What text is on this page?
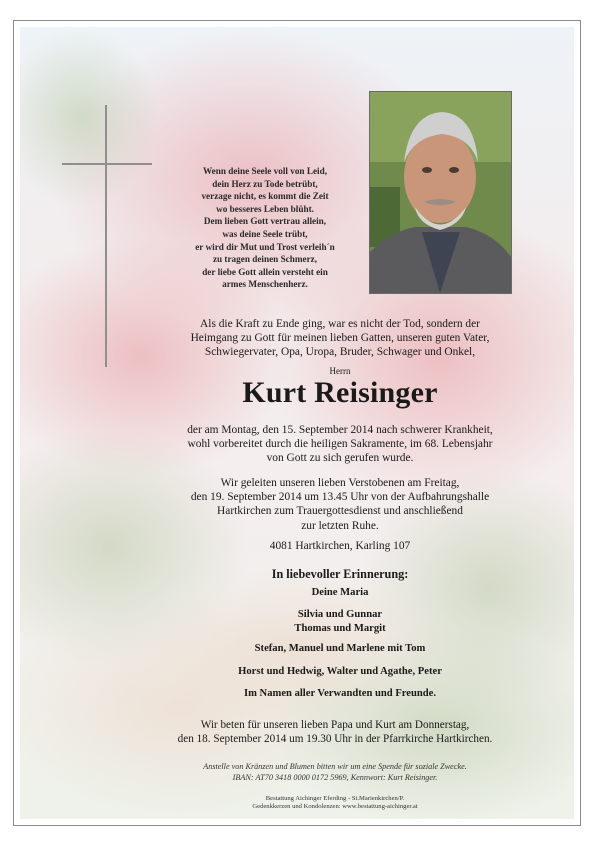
Wenn deine Seele voll von Leid,
dein Herz zu Tode betrübt,
verzage nicht, es kommt die Zeit
wo besseres Leben blüht.
Dem lieben Gott vertrau allein,
was deine Seele trübt,
er wird dir Mut und Trost verleih´n
zu tragen deinen Schmerz,
der liebe Gott allein versteht ein
armes Menschenherz.
Als die Kraft zu Ende ging, war es nicht der Tod, sondern der
Heimgang zu Gott für meinen lieben Gatten, unseren guten Vater,
Schwiegervater, Opa, Uropa, Bruder, Schwager und Onkel,
Herrn
Kurt Reisinger
der am Montag, den 15. September 2014 nach schwerer Krankheit,
wohl vorbereitet durch die heiligen Sakramente, im 68. Lebensjahr
von Gott zu sich gerufen wurde.
Wir geleiten unseren lieben Verstobenen am Freitag,
den 19. September 2014 um 13.45 Uhr von der Aufbahrungshalle
Hartkirchen zum Trauergottesdienst und anschließend
zur letzten Ruhe.
4081 Hartkirchen, Karling 107
In liebevoller Erinnerung:
Deine Maria
Silvia und Gunnar
Thomas und Margit
Stefan, Manuel und Marlene mit Tom
Horst und Hedwig, Walter und Agathe, Peter
Im Namen aller Verwandten und Freunde.
Wir beten für unseren lieben Papa und Kurt am Donnerstag,
den 18. September 2014 um 19.30 Uhr in der Pfarrkirche Hartkirchen.
Anstelle von Kränzen und Blumen bitten wir um eine Spende für soziale Zwecke.
IBAN: AT70 3418 0000 0172 5969, Kennwort: Kurt Reisinger.
Bestattung Aichinger Eferding - St.Marienkirchen/P.
Gedenkkerzen und Kondolenzen: www.bestattung-aichinger.at
